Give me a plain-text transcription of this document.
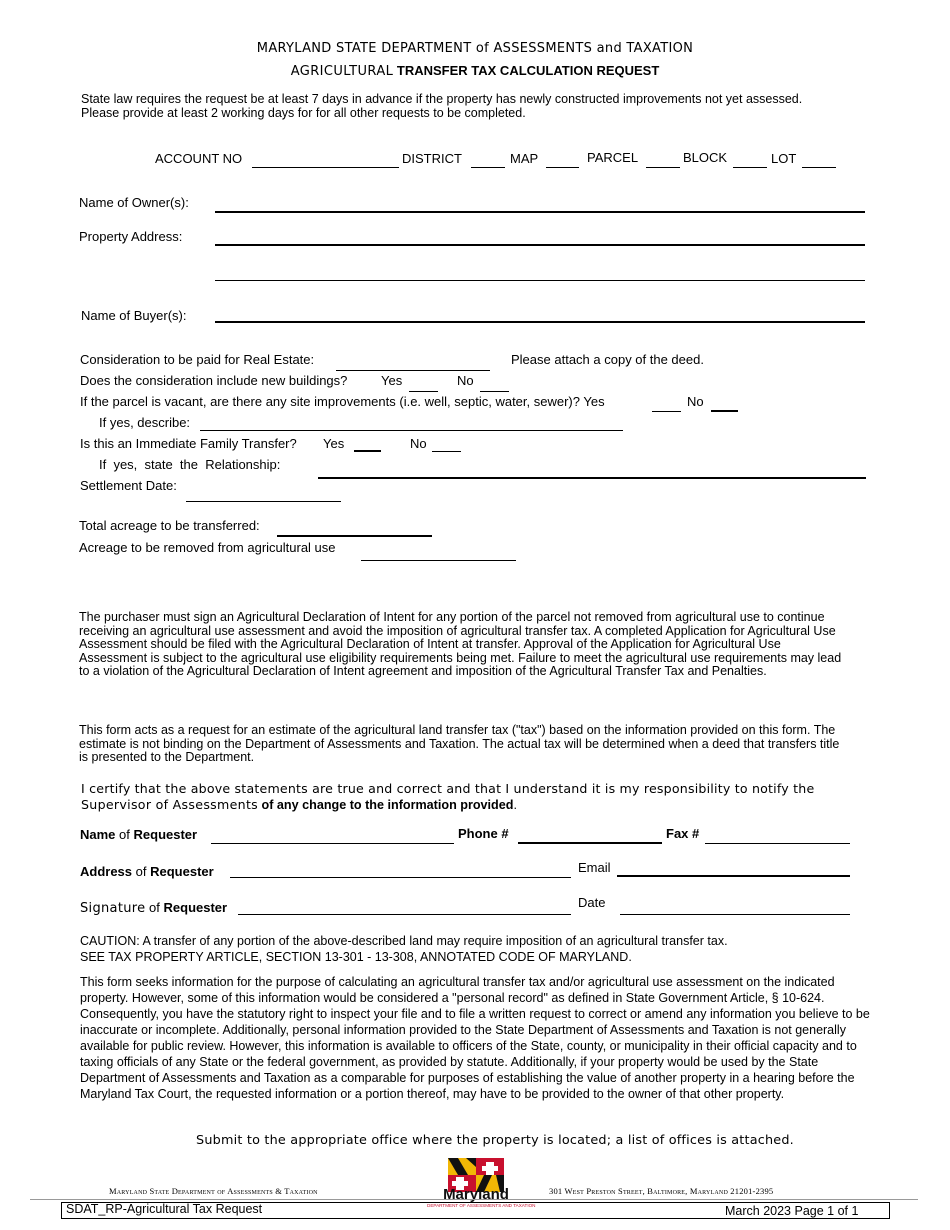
MARYLAND STATE DEPARTMENT of ASSESSMENTS and TAXATION
AGRICULTURAL TRANSFER TAX CALCULATION REQUEST
State law requires the request be at least 7 days in advance if the property has newly constructed improvements not yet assessed. Please provide at least 2 working days for for all other requests to be completed.
ACCOUNT NO	DISTRICT	MAP	PARCEL	BLOCK	LOT
Name of Owner(s):
Property Address:
Name of Buyer(s):
Consideration to be paid for Real Estate:	Please attach a copy of the deed.
Does the consideration include new buildings?	Yes	No
If the parcel is vacant, are there any site improvements (i.e. well, septic, water, sewer)? Yes	No
If yes, describe:
Is this an Immediate Family Transfer? Yes	No
If  yes,  state  the  Relationship:
Settlement Date:
Total acreage to be transferred:
Acreage to be removed from agricultural use
The purchaser must sign an Agricultural Declaration of Intent for any portion of the parcel not removed from agricultural use to continue receiving an agricultural use assessment and avoid the imposition of agricultural transfer tax. A completed Application for Agricultural Use Assessment should be filed with the Agricultural Declaration of Intent at transfer. Approval of the Application for Agricultural Use Assessment is subject to the agricultural use eligibility requirements being met. Failure to meet the agricultural use requirements may lead to a violation of the Agricultural Declaration of Intent agreement and imposition of the Agricultural Transfer Tax and Penalties.
This form acts as a request for an estimate of the agricultural land transfer tax ("tax") based on the information provided on this form. The estimate is not binding on the Department of Assessments and Taxation. The actual tax will be determined when a deed that transfers title is presented to the Department.
I certify that the above statements are true and correct and that I understand it is my responsibility to notify the
Supervisor of Assessments of any change to the information provided.
Name of Requester	Phone #	Fax #
Address of Requester	Email
Signature of Requester	Date
CAUTION: A transfer of any portion of the above-described land may require imposition of an agricultural transfer tax.
SEE TAX PROPERTY ARTICLE, SECTION 13-301 - 13-308, ANNOTATED CODE OF MARYLAND.
This form seeks information for the purpose of calculating an agricultural transfer tax and/or agricultural use assessment on the indicated property. However, some of this information would be considered a "personal record" as defined in State Government Article, § 10-624. Consequently, you have the statutory right to inspect your file and to file a written request to correct or amend any information you believe to be inaccurate or incomplete. Additionally, personal information provided to the State Department of Assessments and Taxation is not generally available for public review. However, this information is available to officers of the State, county, or municipality in their official capacity and to taxing officials of any State or the federal government, as provided by statute. Additionally, if your property would be used by the State Department of Assessments and Taxation as a comparable for purposes of establishing the value of another property in a hearing before the Maryland Tax Court, the requested information or a portion thereof, may have to be provided to the owner of that other property.
Submit to the appropriate office where the property is located; a list of offices is attached.
Maryland State Department of Assessments & Taxation	Maryland
DEPARTMENT OF ASSESSMENTS AND TAXATION
301 West Preston Street, Baltimore, Maryland 21201-2395
SDAT_RP-Agricultural Tax Request	March 2023 Page 1 of 1
